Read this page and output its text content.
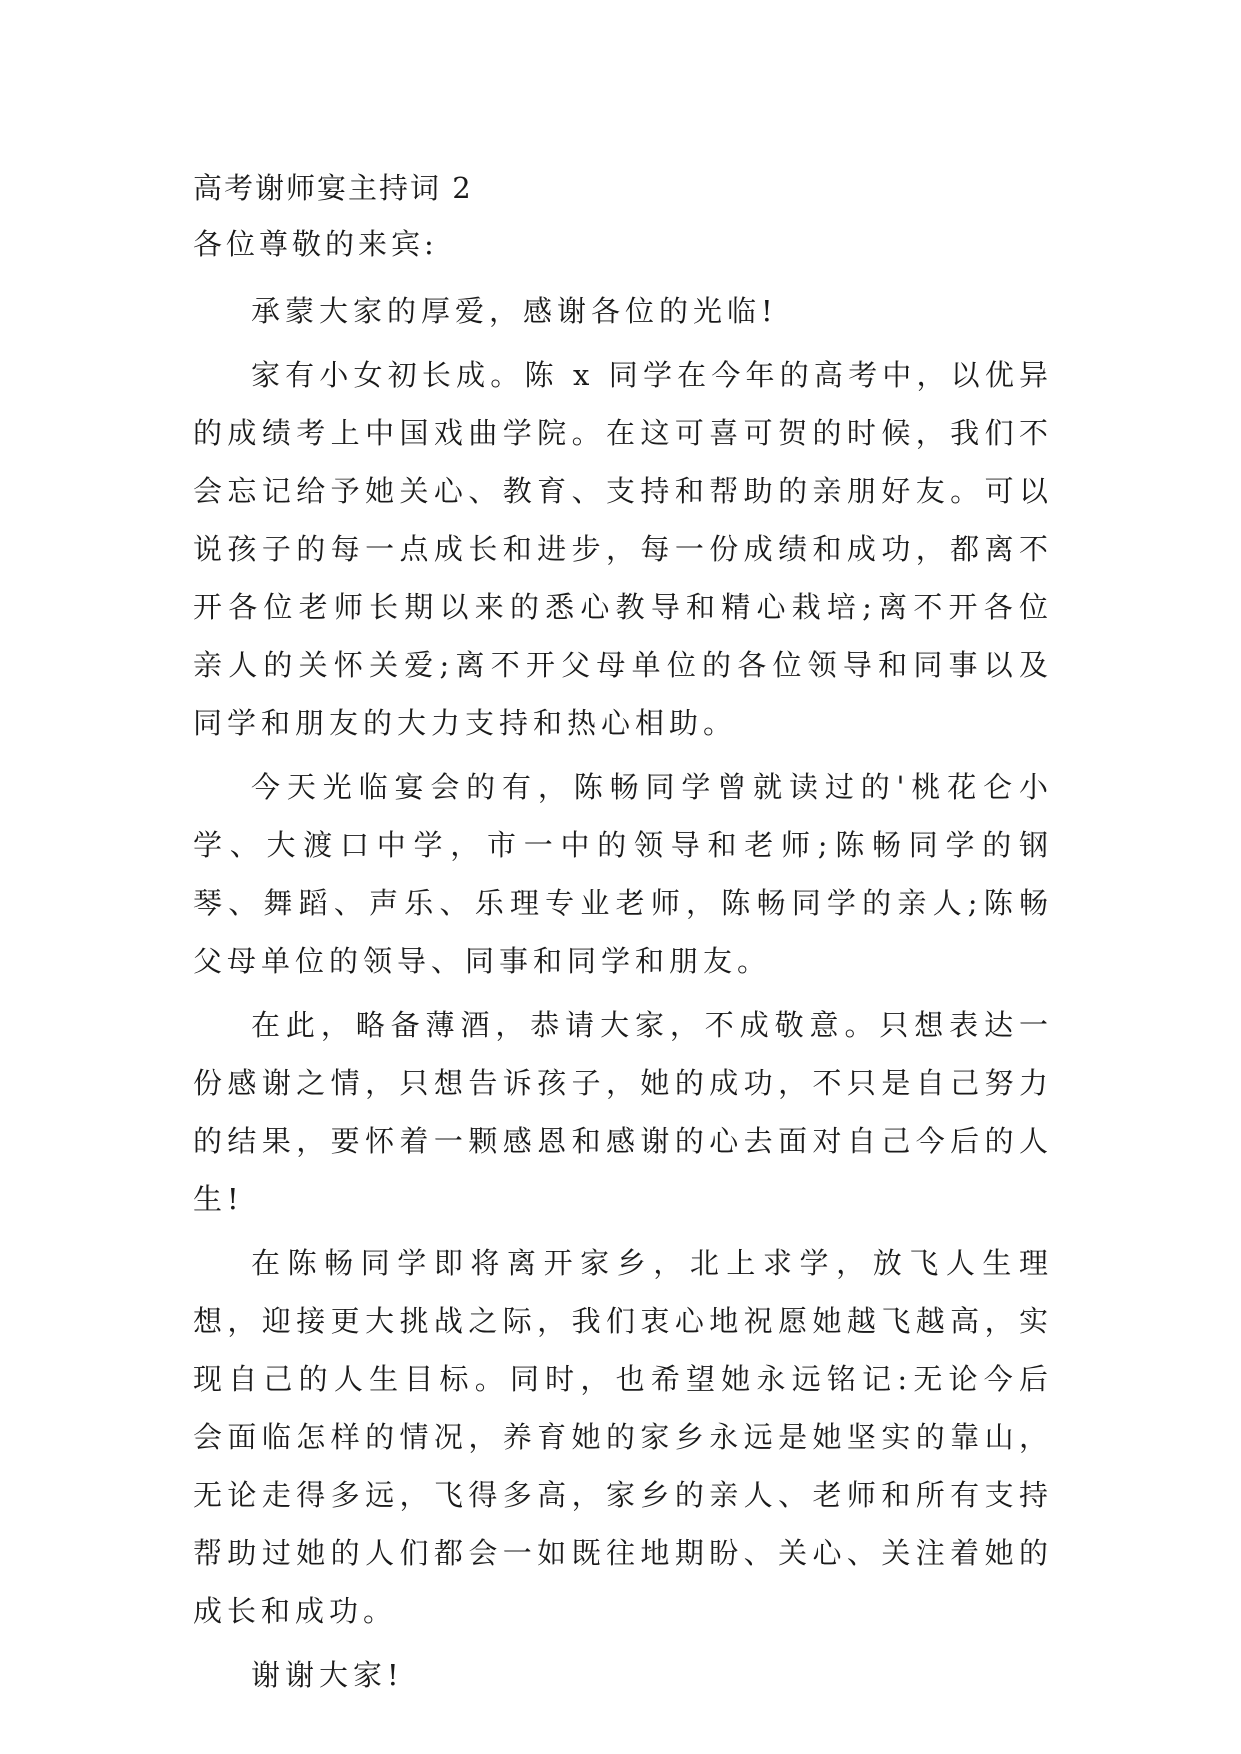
高考谢师宴主持词 2

各位尊敬的来宾:

承蒙大家的厚爱，感谢各位的光临!

家有小女初长成。陈 x 同学在今年的高考中，以优异的成绩考上中国戏曲学院。在这可喜可贺的时候，我们不会忘记给予她关心、教育、支持和帮助的亲朋好友。可以说孩子的每一点成长和进步，每一份成绩和成功，都离不开各位老师长期以来的悉心教导和精心栽培;离不开各位亲人的关怀关爱;离不开父母单位的各位领导和同事以及同学和朋友的大力支持和热心相助。

今天光临宴会的有，陈畅同学曾就读过的'桃花仑小学、大渡口中学，市一中的领导和老师;陈畅同学的钢琴、舞蹈、声乐、乐理专业老师，陈畅同学的亲人;陈畅父母单位的领导、同事和同学和朋友。

在此，略备薄酒，恭请大家，不成敬意。只想表达一份感谢之情，只想告诉孩子，她的成功，不只是自己努力的结果，要怀着一颗感恩和感谢的心去面对自己今后的人生!

在陈畅同学即将离开家乡，北上求学，放飞人生理想，迎接更大挑战之际，我们衷心地祝愿她越飞越高，实现自己的人生目标。同时，也希望她永远铭记:无论今后会面临怎样的情况，养育她的家乡永远是她坚实的靠山，无论走得多远，飞得多高，家乡的亲人、老师和所有支持帮助过她的人们都会一如既往地期盼、关心、关注着她的成长和成功。

谢谢大家!
